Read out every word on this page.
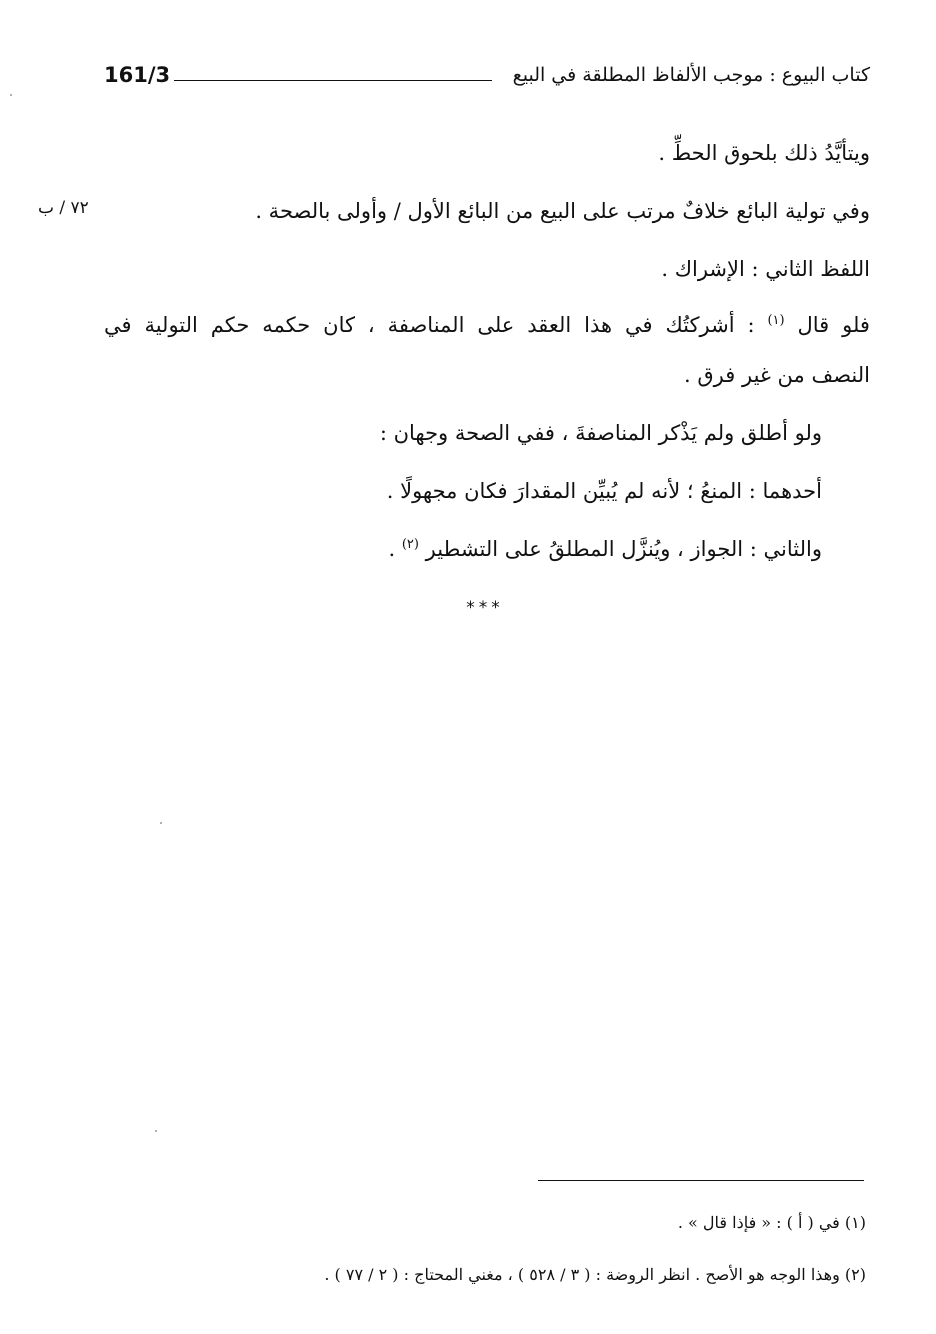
كتاب البيوع : موجب الألفاظ المطلقة في البيع
161/3
٧٢ / ب
ويتأيَّدُ ذلك بلحوق الحطِّ .
وفي تولية البائع خلافٌ مرتب على البيع من البائع الأول / وأولى بالصحة .
اللفظ الثاني : الإشراك .
فلو قال $^{(١)}$ : أشركتُك في هذا العقد على المناصفة ، كان حكمه حكم التولية في
النصف من غير فرق .
ولو أطلق ولم يَذْكر المناصفةَ ، ففي الصحة وجهان :
أحدهما : المنعُ ؛ لأنه لم يُبيِّن المقدارَ فكان مجهولًا .
والثاني : الجواز ، ويُنزَّل المطلقُ على التشطير $^{(٢)}$ .
***
(١) في ( أ ) : « فإذا قال » .
(٢) وهذا الوجه هو الأصح . انظر الروضة : ( ٣ / ٥٢٨ ) ، مغني المحتاج : ( ٢ / ٧٧ ) .
